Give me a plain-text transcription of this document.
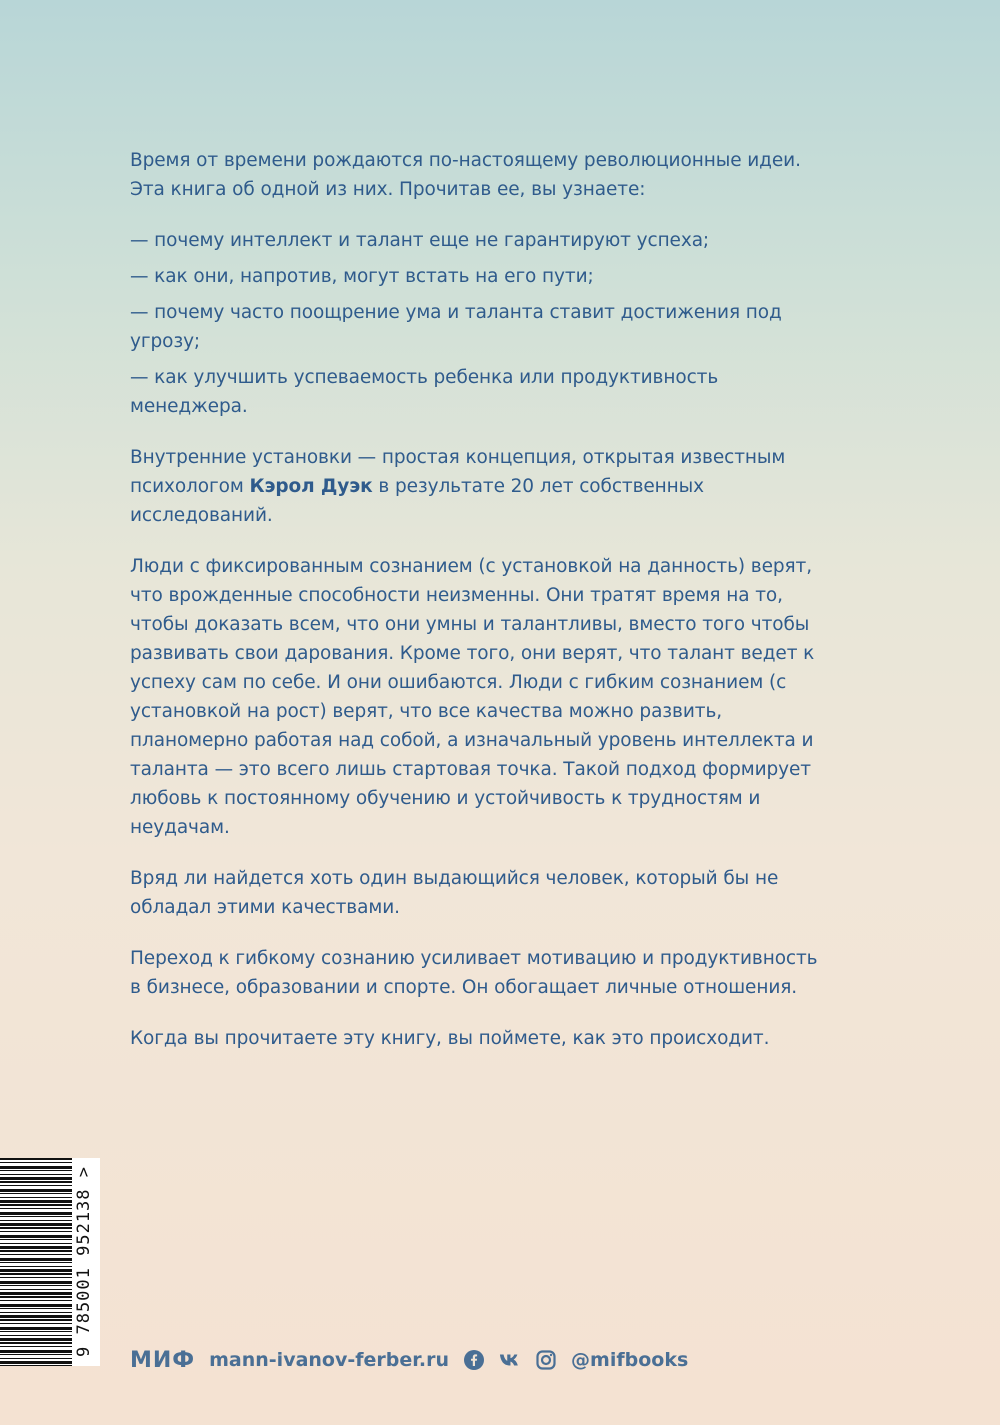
Время от времени рождаются по-настоящему революционные идеи. Эта книга об одной из них. Прочитав ее, вы узнаете:

— почему интеллект и талант еще не гарантируют успеха;

— как они, напротив, могут встать на его пути;

— почему часто поощрение ума и таланта ставит достижения под угрозу;

— как улучшить успеваемость ребенка или продуктивность менеджера.

Внутренние установки — простая концепция, открытая известным психологом Кэрол Дуэк в результате 20 лет собственных исследований.

Люди с фиксированным сознанием (с установкой на данность) верят, что врожденные способности неизменны. Они тратят время на то, чтобы доказать всем, что они умны и талантливы, вместо того чтобы развивать свои дарования. Кроме того, они верят, что талант ведет к успеху сам по себе. И они ошибаются. Люди с гибким сознанием (с установкой на рост) верят, что все качества можно развить, планомерно работая над собой, а изначальный уровень интеллекта и таланта — это всего лишь стартовая точка. Такой подход формирует любовь к постоянному обучению и устойчивость к трудностям и неудачам.

Вряд ли найдется хоть один выдающийся человек, который бы не обладал этими качествами.

Переход к гибкому сознанию усиливает мотивацию и продуктивность в бизнесе, образовании и спорте. Он обогащает личные отношения.

Когда вы прочитаете эту книгу, вы поймете, как это происходит.

9 785001 952138 >
МИФ mann-ivanov-ferber.ru	@mifbooks
